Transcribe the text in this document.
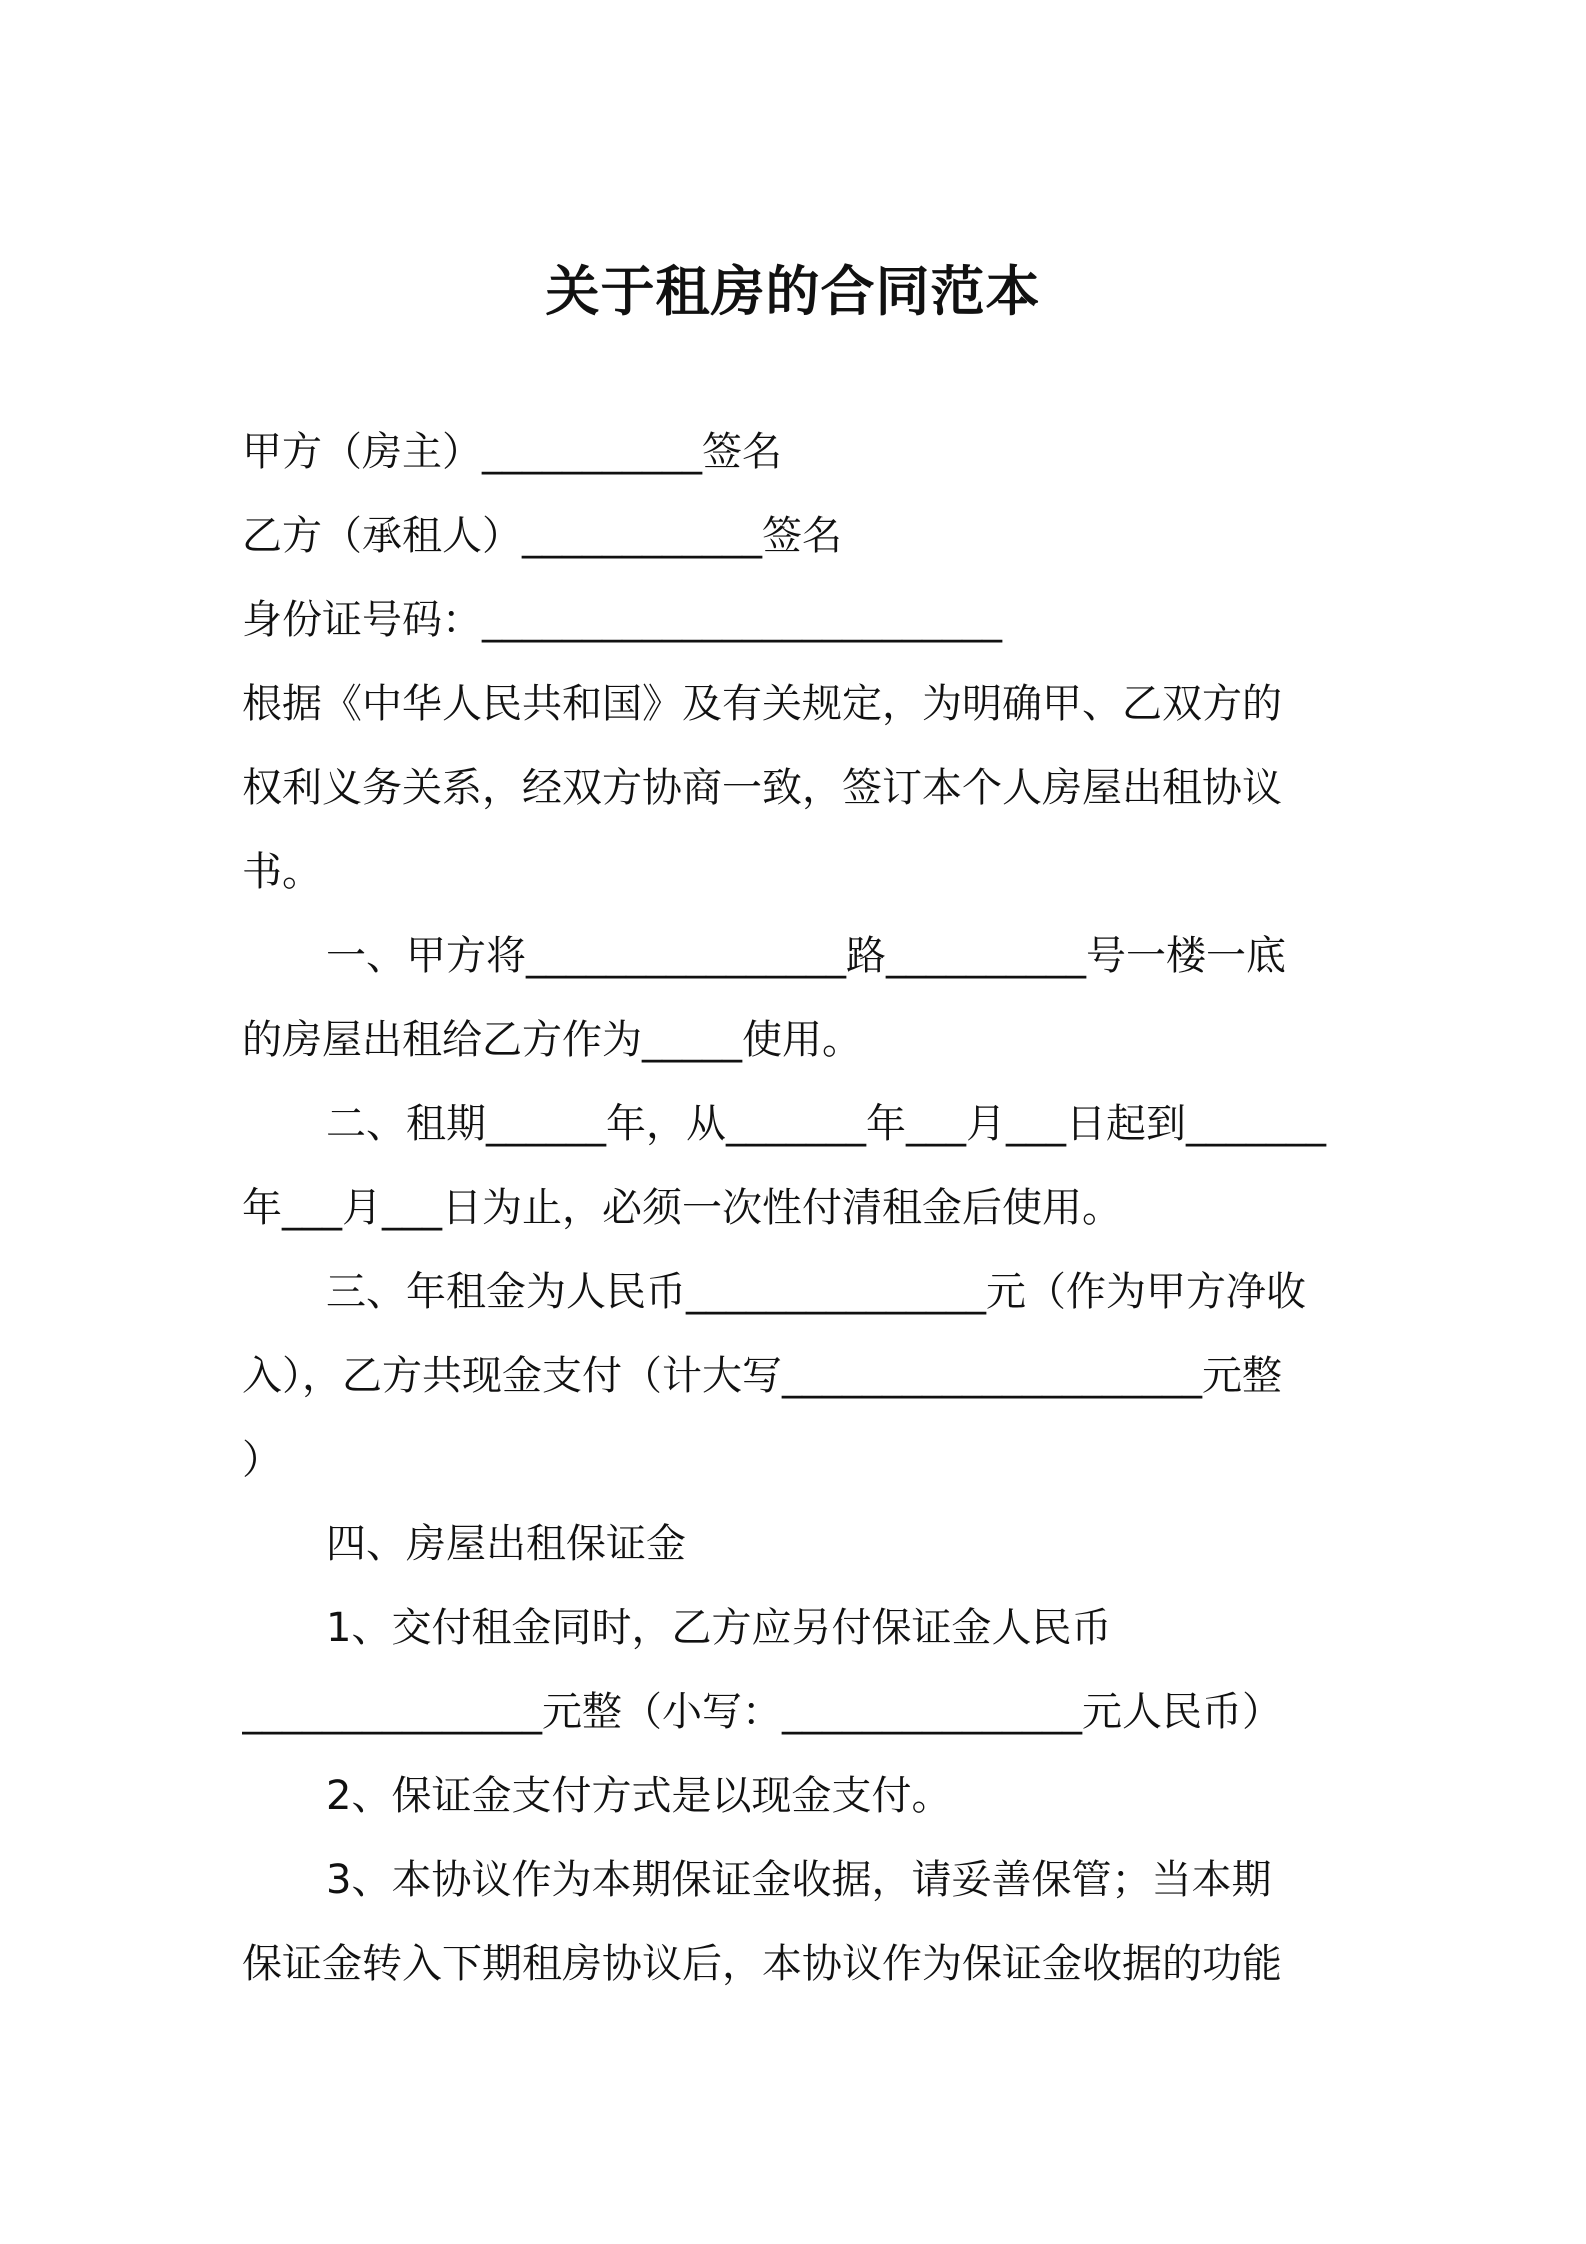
关于租房的合同范本
甲方（房主）___________签名
乙方（承租人）____________签名
身份证号码：__________________________
根据《中华人民共和国》及有关规定，为明确甲、乙双方的
权利义务关系，经双方协商一致，签订本个人房屋出租协议
书。
一、甲方将________________路__________号一楼一底
的房屋出租给乙方作为_____使用。
二、租期______年，从_______年___月___日起到_______
年___月___日为止，必须一次性付清租金后使用。
三、年租金为人民币_______________元（作为甲方净收
入），乙方共现金支付（计大写_____________________元整
）
四、房屋出租保证金
1、交付租金同时，乙方应另付保证金人民币
_______________元整（小写：_______________元人民币）
2、保证金支付方式是以现金支付。
3、本协议作为本期保证金收据，请妥善保管；当本期
保证金转入下期租房协议后，本协议作为保证金收据的功能
